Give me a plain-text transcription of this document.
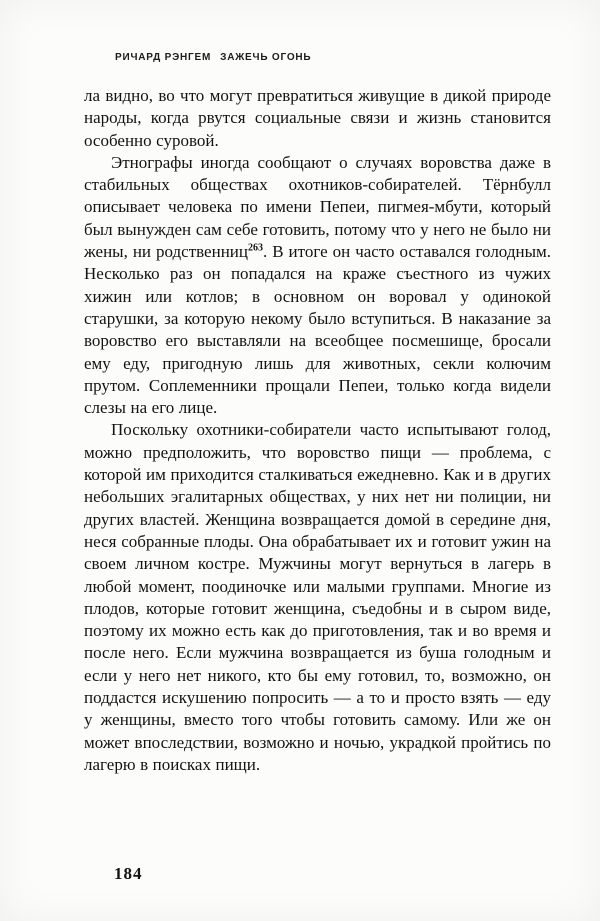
РИЧАРД РЭНГЕМ ЗАЖЕЧЬ ОГОНЬ

ла видно, во что могут превратиться живущие в дикой природе народы, когда рвутся социальные связи и жизнь становится особенно суровой.

Этнографы иногда сообщают о случаях воровства даже в стабильных обществах охотников-собирателей. Тёрнбулл описывает человека по имени Пепеи, пигмея-мбути, который был вынужден сам себе готовить, потому что у него не было ни жены, ни родственниц$^{263}$. В итоге он часто оставался голодным. Несколько раз он попадался на краже съестного из чужих хижин или котлов; в основном он воровал у одинокой старушки, за которую некому было вступиться. В наказание за воровство его выставляли на всеобщее посмешище, бросали ему еду, пригодную лишь для животных, секли колючим прутом. Соплеменники прощали Пепеи, только когда видели слезы на его лице.

Поскольку охотники-собиратели часто испытывают голод, можно предположить, что воровство пищи — проблема, с которой им приходится сталкиваться ежедневно. Как и в других небольших эгалитарных обществах, у них нет ни полиции, ни других властей. Женщина возвращается домой в середине дня, неся собранные плоды. Она обрабатывает их и готовит ужин на своем личном костре. Мужчины могут вернуться в лагерь в любой момент, поодиночке или малыми группами. Многие из плодов, которые готовит женщина, съедобны и в сыром виде, поэтому их можно есть как до приготовления, так и во время и после него. Если мужчина возвращается из буша голодным и если у него нет никого, кто бы ему готовил, то, возможно, он поддастся искушению попросить — а то и просто взять — еду у женщины, вместо того чтобы готовить самому. Или же он может впоследствии, возможно и ночью, украдкой пройтись по лагерю в поисках пищи.

184
